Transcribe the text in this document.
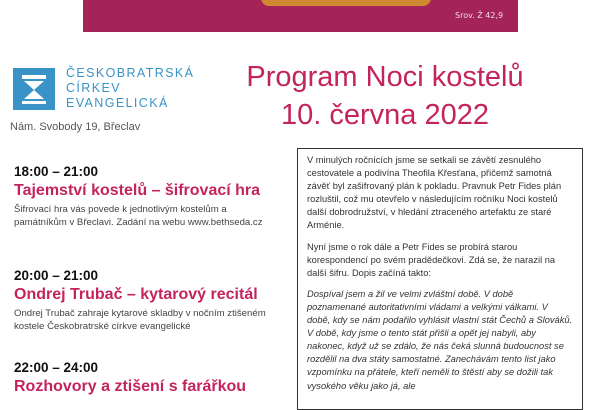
Srov. Ž 42,9
ČESKOBRATRSKÁ
CÍRKEV
EVANGELICKÁ
Nám. Svobody 19, Břeclav
Program Noci kostelů
10. června 2022
18:00 – 21:00
Tajemství kostelů – šifrovací hra
Šifrovací hra vás povede k jednotlivým kostelům a památníkům v Břeclavi. Zadání na webu www.bethseda.cz
20:00 – 21:00
Ondrej Trubač – kytarový recitál
Ondrej Trubač zahraje kytarové skladby v nočním ztišeném kostele Českobratrské církve evangelické
22:00 – 24:00
Rozhovory a ztišení s farářkou

V minulých ročnících jsme se setkali se závětí zesnulého cestovatele a podivína Theofila Křesťana, přičemž samotná závěť byl zašifrovaný plán k pokladu. Pravnuk Petr Fides plán rozluštil, což mu otevřelo v následujícím ročníku Noci kostelů další dobrodružství, v hledání ztraceného artefaktu ze staré Arménie.

Nyní jsme o rok dále a Petr Fides se probírá starou korespondencí po svém pradědečkovi. Zdá se, že narazil na další šifru. Dopis začíná takto:

Dospíval jsem a žil ve velmi zvláštní době. V době poznamenané autoritativními vládami a velkými válkami. V době, kdy se nám podařilo vyhlásit vlastní stát Čechů a Slováků. V době, kdy jsme o tento stát přišli a opět jej nabyli, aby nakonec, když už se zdálo, že nás čeká slunná budoucnost se rozdělil na dva státy samostatné. Zanechávám tento list jako vzpomínku na přátele, kteří neměli to štěstí aby se dožili tak vysokého věku jako já, ale
